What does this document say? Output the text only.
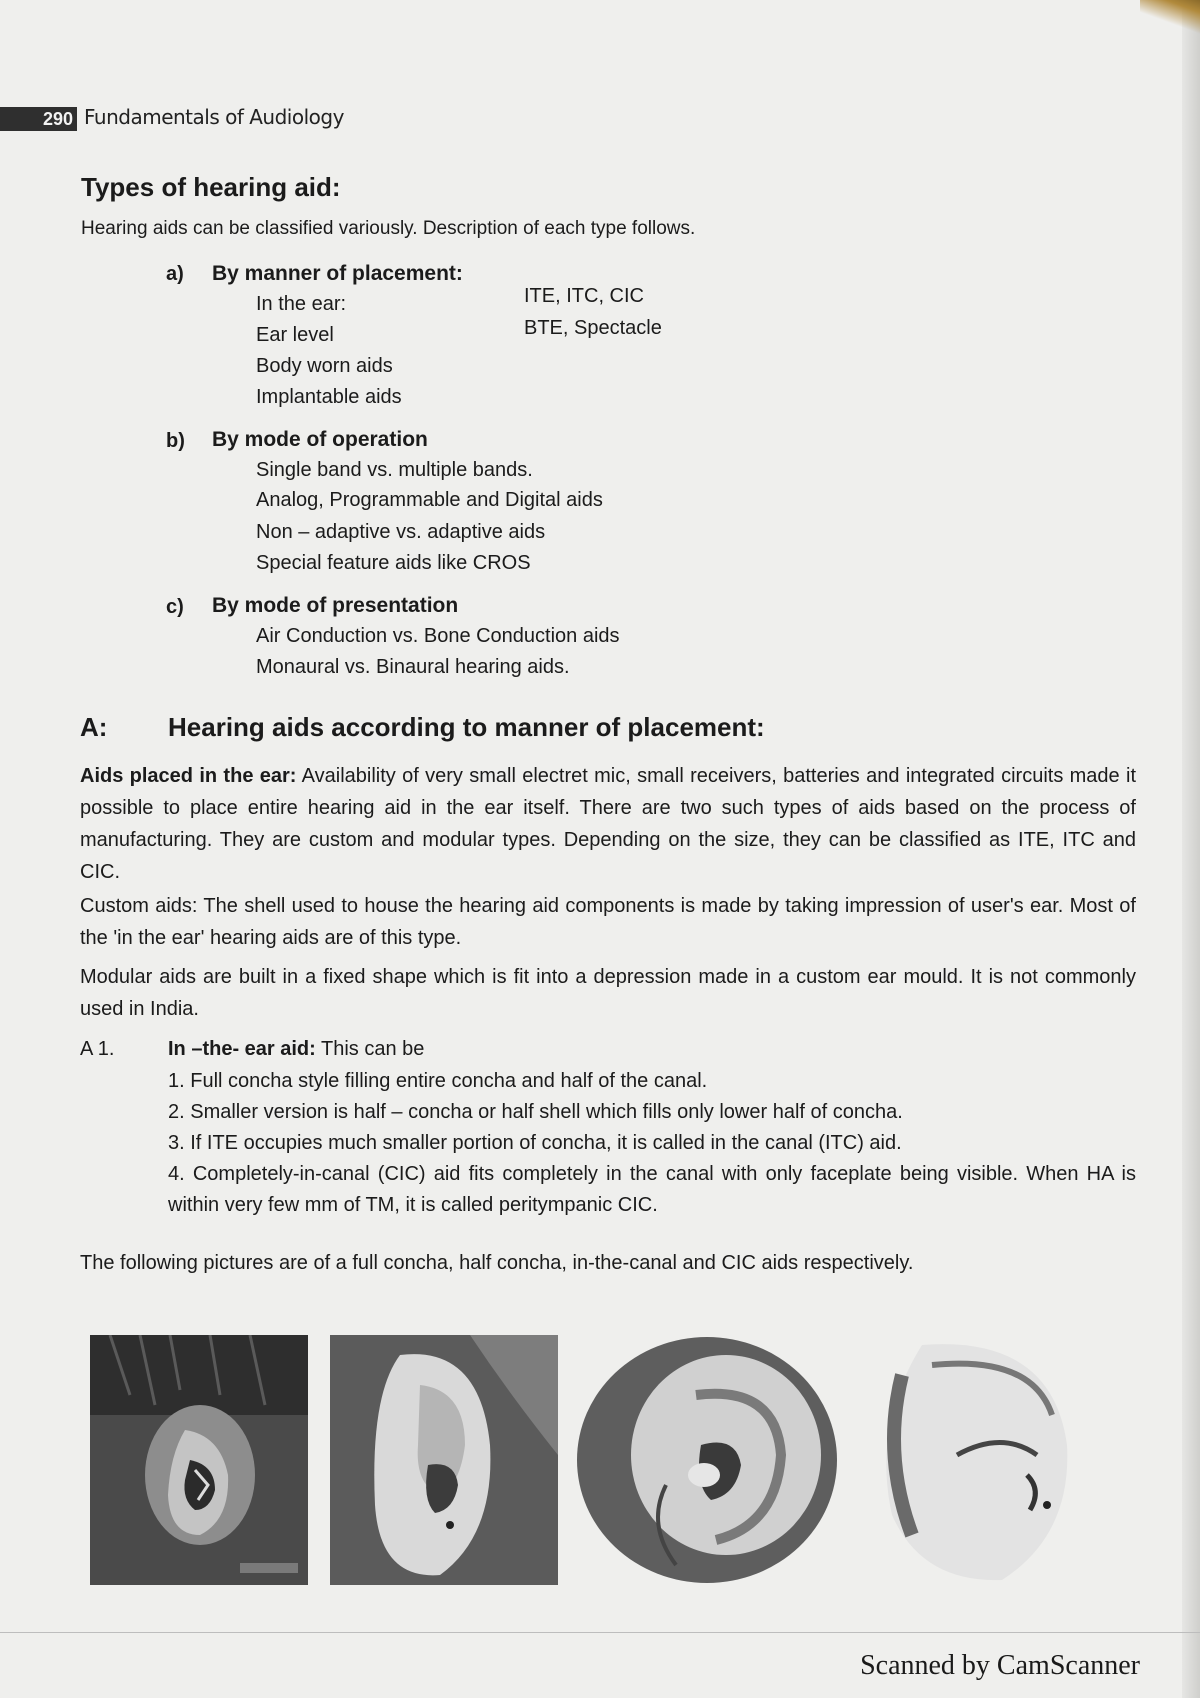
290 Fundamentals of Audiology
Types of hearing aid:
Hearing aids can be classified variously. Description of each type follows.
a) By manner of placement:
In the ear:	ITE, ITC, CIC
Ear level	BTE, Spectacle
Body worn aids
Implantable aids
b) By mode of operation
Single band vs. multiple bands.
Analog, Programmable and Digital aids
Non – adaptive vs. adaptive aids
Special feature aids like CROS
c) By mode of presentation
Air Conduction vs. Bone Conduction aids
Monaural vs. Binaural hearing aids.
A: Hearing aids according to manner of placement:
Aids placed in the ear: Availability of very small electret mic, small receivers, batteries and integrated circuits made it possible to place entire hearing aid in the ear itself. There are two such types of aids based on the process of manufacturing. They are custom and modular types. Depending on the size, they can be classified as ITE, ITC and CIC.
Custom aids: The shell used to house the hearing aid components is made by taking impression of user's ear. Most of the 'in the ear' hearing aids are of this type.
Modular aids are built in a fixed shape which is fit into a depression made in a custom ear mould. It is not commonly used in India.
A 1.	In –the- ear aid: This can be
1. Full concha style filling entire concha and half of the canal.
2. Smaller version is half – concha or half shell which fills only lower half of concha.
3. If ITE occupies much smaller portion of concha, it is called in the canal (ITC) aid.
4. Completely-in-canal (CIC) aid fits completely in the canal with only faceplate being visible. When HA is within very few mm of TM, it is called peritympanic CIC.
The following pictures are of a full concha, half concha, in-the-canal and CIC aids respectively.
Scanned by CamScanner
